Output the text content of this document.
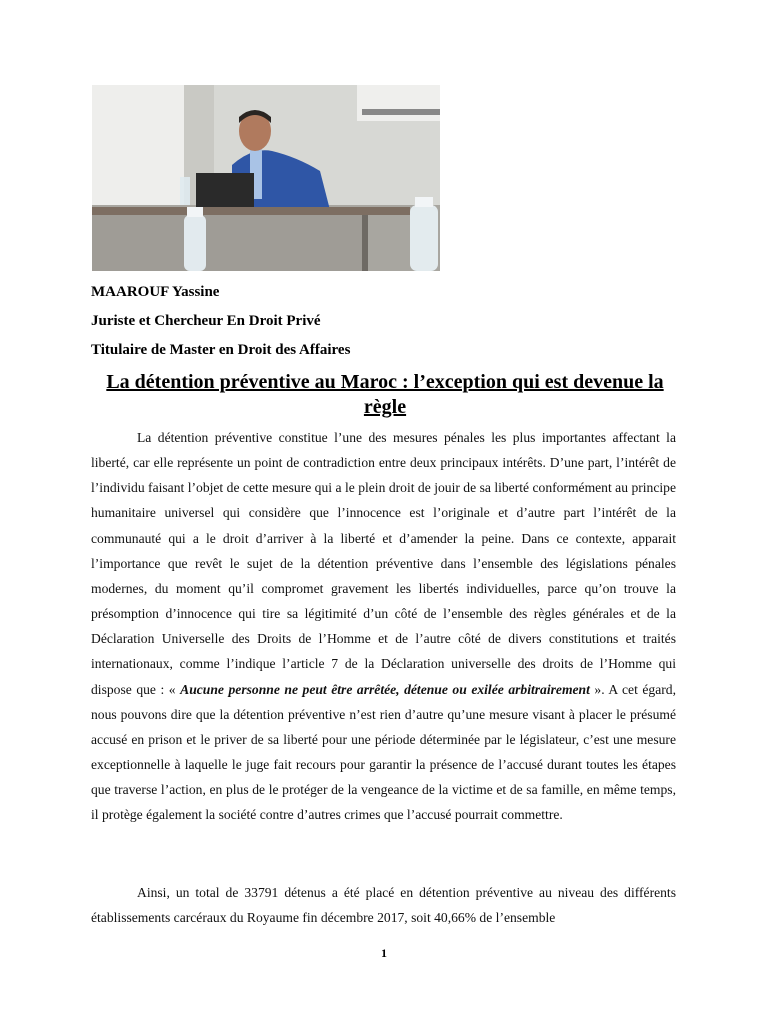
MAAROUF Yassine
Juriste et Chercheur En Droit Privé
Titulaire de Master en Droit des Affaires
La détention préventive au Maroc : l’exception qui est devenue la règle

La détention préventive constitue l’une des mesures pénales les plus importantes affectant la liberté, car elle représente un point de contradiction entre deux principaux intérêts. D’une part, l’intérêt de l’individu faisant l’objet de cette mesure qui a le plein droit de jouir de sa liberté conformément au principe humanitaire universel qui considère que l’innocence est l’originale et d’autre part l’intérêt de la communauté qui a le droit d’arriver à la liberté et d’amender la peine. Dans ce contexte, apparait l’importance que revêt le sujet de la détention préventive dans l’ensemble des législations pénales modernes, du moment qu’il compromet gravement les libertés individuelles, parce qu’on trouve la présomption d’innocence qui tire sa légitimité d’un côté de l’ensemble des règles générales et de la Déclaration Universelle des Droits de l’Homme et de l’autre côté de divers constitutions et traités internationaux, comme l’indique l’article 7 de la Déclaration universelle des droits de l’Homme qui dispose que : « Aucune personne ne peut être arrêtée, détenue ou exilée arbitrairement ». A cet égard, nous pouvons dire que la détention préventive n’est rien d’autre qu’une mesure visant à placer le présumé accusé en prison et le priver de sa liberté pour une période déterminée par le législateur, c’est une mesure exceptionnelle à laquelle le juge fait recours pour garantir la présence de l’accusé durant toutes les étapes que traverse l’action, en plus de le protéger de la vengeance de la victime et de sa famille, en même temps, il protège également la société contre d’autres crimes que l’accusé pourrait commettre.

Ainsi, un total de 33791 détenus a été placé en détention préventive au niveau des différents établissements carcéraux du Royaume fin décembre 2017, soit 40,66% de l’ensemble

1
